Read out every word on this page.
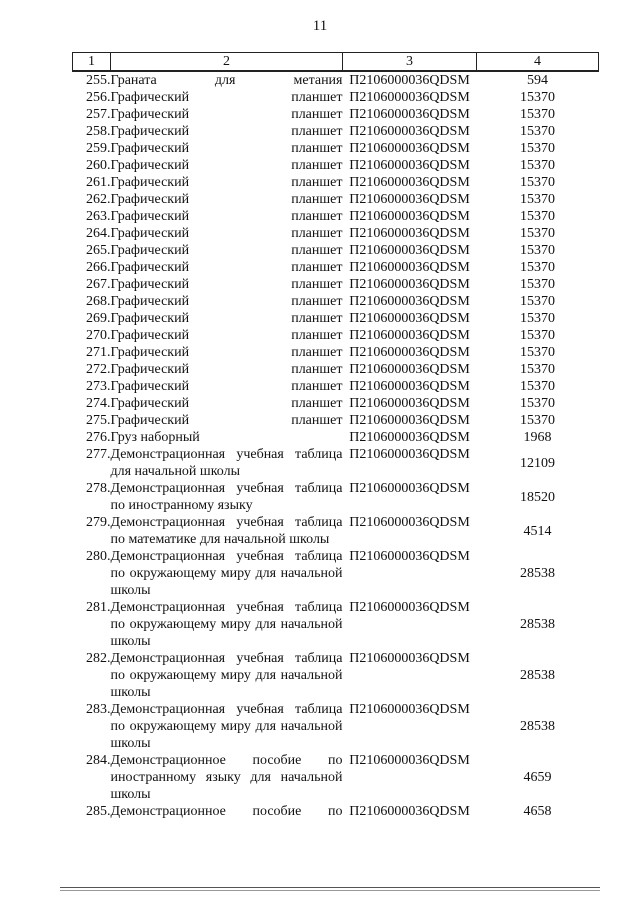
11
1	2	3	4
255.	Граната для метания	П2106000036QDSM	594
256.	Графический планшет	П2106000036QDSM	15370
257.	Графический планшет	П2106000036QDSM	15370
258.	Графический планшет	П2106000036QDSM	15370
259.	Графический планшет	П2106000036QDSM	15370
260.	Графический планшет	П2106000036QDSM	15370
261.	Графический планшет	П2106000036QDSM	15370
262.	Графический планшет	П2106000036QDSM	15370
263.	Графический планшет	П2106000036QDSM	15370
264.	Графический планшет	П2106000036QDSM	15370
265.	Графический планшет	П2106000036QDSM	15370
266.	Графический планшет	П2106000036QDSM	15370
267.	Графический планшет	П2106000036QDSM	15370
268.	Графический планшет	П2106000036QDSM	15370
269.	Графический планшет	П2106000036QDSM	15370
270.	Графический планшет	П2106000036QDSM	15370
271.	Графический планшет	П2106000036QDSM	15370
272.	Графический планшет	П2106000036QDSM	15370
273.	Графический планшет	П2106000036QDSM	15370
274.	Графический планшет	П2106000036QDSM	15370
275.	Графический планшет	П2106000036QDSM	15370
276.	Груз наборный	П2106000036QDSM	1968
277.	Демонстрационная учебная таблица для начальной школы	П2106000036QDSM	12109
278.	Демонстрационная учебная таблица по иностранному языку	П2106000036QDSM	18520
279.	Демонстрационная учебная таблица по математике для начальной школы	П2106000036QDSM	4514
280.	Демонстрационная учебная таблица по окружающему миру для начальной школы	П2106000036QDSM	28538
281.	Демонстрационная учебная таблица по окружающему миру для начальной школы	П2106000036QDSM	28538
282.	Демонстрационная учебная таблица по окружающему миру для начальной школы	П2106000036QDSM	28538
283.	Демонстрационная учебная таблица по окружающему миру для начальной школы	П2106000036QDSM	28538
284.	Демонстрационное пособие по иностранному языку для начальной школы	П2106000036QDSM	4659
285.	Демонстрационное пособие по	П2106000036QDSM	4658
